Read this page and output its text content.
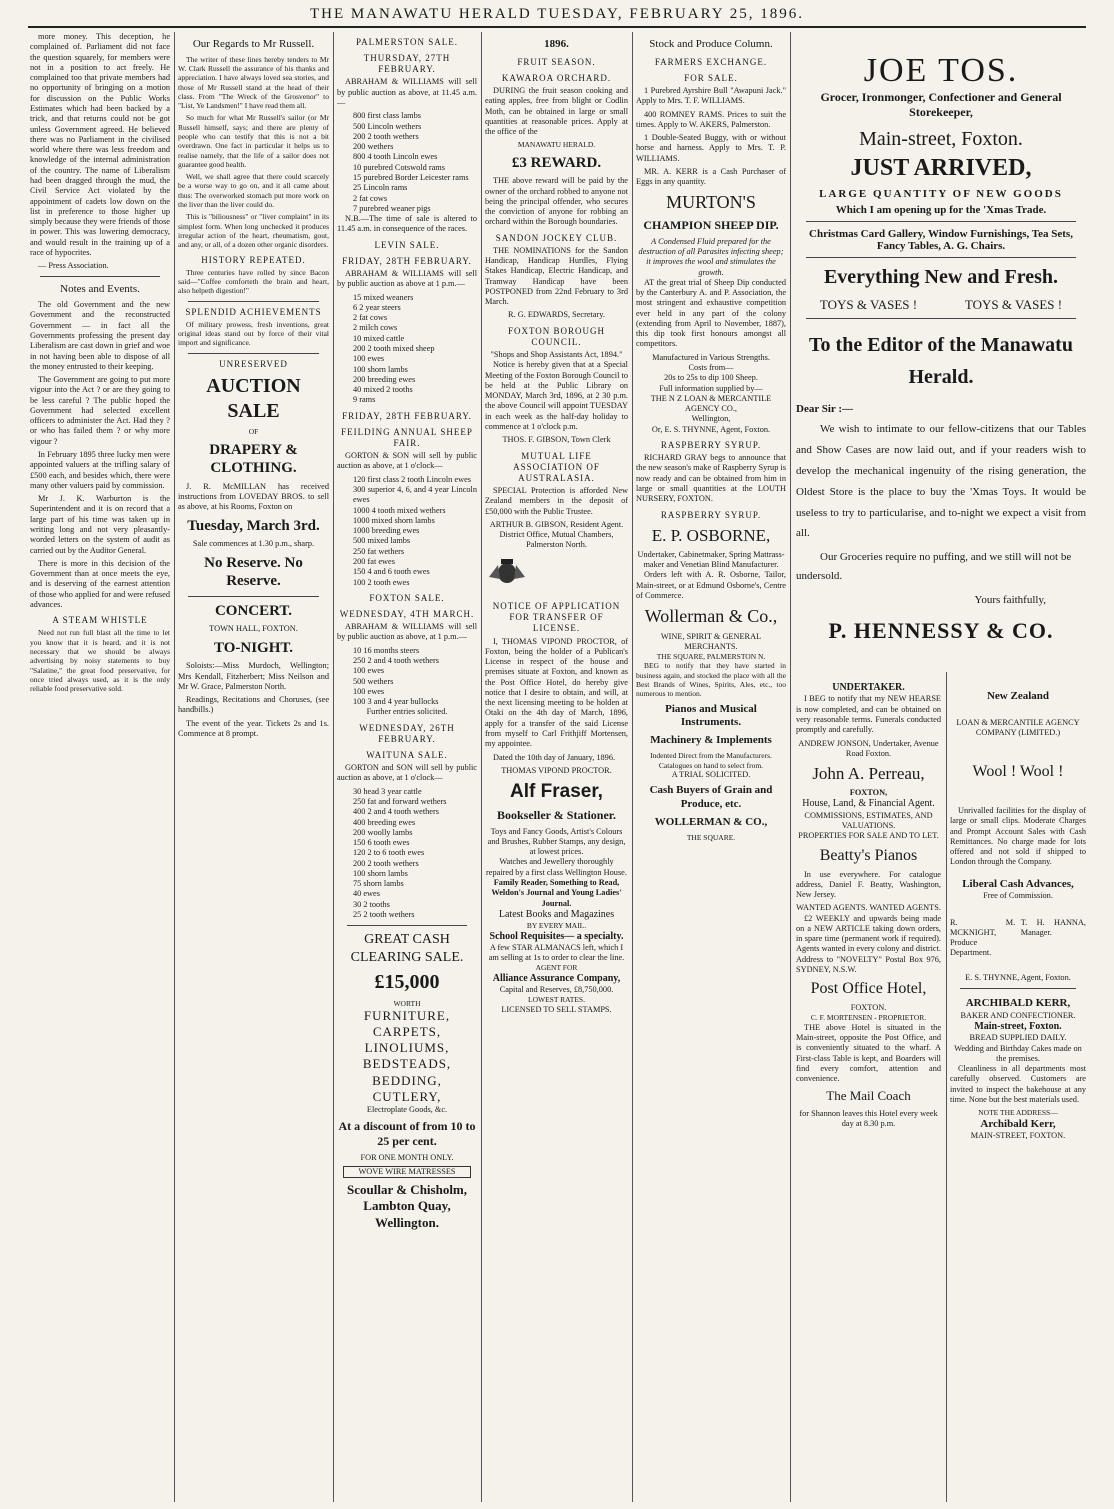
THE MANAWATU HERALD TUESDAY, FEBRUARY 25, 1896.

more money. This deception, he complained of. Parliament did not face the question squarely, for members were not in a position to act freely. He complained too that private members had no opportunity of bringing on a motion for discussion on the Public Works Estimates which had been backed by a trick, and that returns could not be got unless Government agreed. He believed there was no Parliament in the civilised world where there was less freedom and knowledge of the internal administration of the country. The name of Liberalism had been dragged through the mud, the Civil Service Act violated by the appointment of cadets low down on the list in preference to those higher up simply because they were friends of those in power. This was lowering democracy, and would result in the training up of a race of hypocrites.

— Press Association.

Notes and Events.

The old Government and the new Government and the reconstructed Government — in fact all the Governments professing the present day Liberalism are cast down in grief and woe in not having been able to dispose of all the money entrusted to their keeping.

The Government are going to put more vigour into the Act ? or are they going to be less careful ? The public hoped the Government had selected excellent officers to administer the Act. Had they ? or who has failed them ? or why more vigour ?

In February 1895 three lucky men were appointed valuers at the trifling salary of £500 each, and besides which, there were many other valuers paid by commission.

Mr J. K. Warburton is the Superintendent and it is on record that a large part of his time was taken up in writing long and not very pleasantly-worded letters on the system of audit as carried out by the Auditor General.

There is more in this decision of the Government than at once meets the eye, and is deserving of the earnest attention of those who applied for and were refused advances.

A STEAM WHISTLE

Need not run full blast all the time to let you know that it is heard, and it is not necessary that we should be always advertising by noisy statements to buy "Salatine," the great food preservative, for once tried always used, as it is the only reliable food preservative sold.

Our Regards to Mr Russell.

The writer of these lines hereby tenders to Mr W. Clark Russell the assurance of his thanks and appreciation. I have always loved sea stories, and those of Mr Russell stand at the head of their class. From "The Wreck of the Grosvenor" to "List, Ye Landsmen!" I have read them all.

So much for what Mr Russell's sailor (or Mr Russell himself, says; and there are plenty of people who can testify that this is not a bit overdrawn. One fact in particular it helps us to realise namely, that the life of a sailor does not guarantee good health.

Well, we shall agree that there could scarcely be a worse way to go on, and it all came about thus: The overworked stomach put more work on the liver than the liver could do.

This is "biliousness" or "liver complaint" in its simplest form. When long unchecked it produces irregular action of the heart, rheumatism, gout, and any, or all, of a dozen other organic disorders.

HISTORY REPEATED.

Three centuries have rolled by since Bacon said—"Coffee comforteth the brain and heart, also helpeth digestion!"

SPLENDID ACHIEVEMENTS

Of military prowess, fresh inventions, great original ideas stand out by force of their vital import and significance.

UNRESERVED
AUCTION SALE
OF
DRAPERY & CLOTHING.

J. R. McMILLAN has received instructions from LOVEDAY BROS. to sell as above, at his Rooms, Foxton on

Tuesday, March 3rd.
Sale commences at 1.30 p.m., sharp.
No Reserve. No Reserve.
CONCERT.
TOWN HALL, FOXTON.
TO-NIGHT.

Soloists:—Miss Murdoch, Wellington; Mrs Kendall, Fitzherbert; Miss Neilson and Mr W. Grace, Palmerston North.

Readings, Recitations and Choruses, (see handbills.)

The event of the year. Tickets 2s and 1s. Commence at 8 prompt.

PALMERSTON SALE.
THURSDAY, 27TH FEBRUARY.

ABRAHAM & WILLIAMS will sell by public auction as above, at 11.45 a.m.—

800 first class lambs
500 Lincoln wethers
200 2 tooth wethers
200 wethers
800 4 tooth Lincoln ewes
10 purebred Cotswold rams
15 purebred Border Leicester rams
25 Lincoln rams
2 fat cows
7 purebred weaner pigs

N.B.—The time of sale is altered to 11.45 a.m. in consequence of the races.

LEVIN SALE.
FRIDAY, 28TH FEBRUARY.

ABRAHAM & WILLIAMS will sell by public auction as above at 1 p.m.—

15 mixed weaners
6 2 year steers
2 fat cows
2 milch cows
10 mixed cattle
200 2 tooth mixed sheep
100 ewes
100 shorn lambs
200 breeding ewes
40 mixed 2 tooths
9 rams
FRIDAY, 28TH FEBRUARY.
FEILDING ANNUAL SHEEP FAIR.

GORTON & SON will sell by public auction as above, at 1 o'clock—

120 first class 2 tooth Lincoln ewes
300 superior 4, 6, and 4 year Lincoln ewes
1000 4 tooth mixed wethers
1000 mixed shorn lambs
1000 breeding ewes
500 mixed lambs
250 fat wethers
200 fat ewes
150 4 and 6 tooth ewes
100 2 tooth ewes
FOXTON SALE.
WEDNESDAY, 4TH MARCH.

ABRAHAM & WILLIAMS will sell by public auction as above, at 1 p.m.—

10 16 months steers
250 2 and 4 tooth wethers
100 ewes
500 wethers
100 ewes
100 3 and 4 year bullocks
Further entries solicited.
WEDNESDAY, 26TH FEBRUARY.
WAITUNA SALE.

GORTON and SON will sell by public auction as above, at 1 o'clock—

30 head 3 year cattle
250 fat and forward wethers
400 2 and 4 tooth wethers
400 breeding ewes
200 woolly lambs
150 6 tooth ewes
120 2 to 6 tooth ewes
200 2 tooth wethers
100 shorn lambs
75 shorn lambs
40 ewes
30 2 tooths
25 2 tooth wethers
GREAT CASH CLEARING SALE.
£15,000
WORTH
FURNITURE, CARPETS, LINOLIUMS, BEDSTEADS, BEDDING, CUTLERY,
Electroplate Goods, &c.
At a discount of from 10 to 25 per cent.
FOR ONE MONTH ONLY.
WOVE WIRE MATRESSES
Scoullar & Chisholm, Lambton Quay, Wellington.
1896.
FRUIT SEASON.
KAWAROA ORCHARD.

DURING the fruit season cooking and eating apples, free from blight or Codlin Moth, can be obtained in large or small quantities at reasonable prices. Apply at the office of the

MANAWATU HERALD.
£3 REWARD.

THE above reward will be paid by the owner of the orchard robbed to anyone not being the principal offender, who secures the conviction of anyone for robbing an orchard within the Borough boundaries.

SANDON JOCKEY CLUB.

THE NOMINATIONS for the Sandon Handicap, Handicap Hurdles, Flying Stakes Handicap, Electric Handicap, and Tramway Handicap have been POSTPONED from 22nd February to 3rd March.

R. G. EDWARDS, Secretary.
FOXTON BOROUGH COUNCIL.
"Shops and Shop Assistants Act, 1894."

Notice is hereby given that at a Special Meeting of the Foxton Borough Council to be held at the Public Library on MONDAY, March 3rd, 1896, at 2 30 p.m. the above Council will appoint TUESDAY in each week as the half-day holiday to commence at 1 o'clock p.m.

THOS. F. GIBSON, Town Clerk
MUTUAL LIFE ASSOCIATION OF AUSTRALASIA.

SPECIAL Protection is afforded New Zealand members in the deposit of £50,000 with the Public Trustee.

ARTHUR B. GIBSON, Resident Agent.
District Office, Mutual Chambers, Palmerston North.
NOTICE OF APPLICATION FOR TRANSFER OF LICENSE.

I, THOMAS VIPOND PROCTOR, of Foxton, being the holder of a Publican's License in respect of the house and premises situate at Foxton, and known as the Post Office Hotel, do hereby give notice that I desire to obtain, and will, at the next licensing meeting to be holden at Otaki on the 4th day of March, 1896, apply for a transfer of the said License from myself to Carl Frithjiff Mortensen, my appointee.

Dated the 10th day of January, 1896.

THOMAS VIPOND PROCTOR.
Alf Fraser,
Bookseller & Stationer.
Toys and Fancy Goods, Artist's Colours and Brushes, Rubber Stamps, any design, at lowest prices.
Watches and Jewellery thoroughly repaired by a first class Wellington House.
Family Reader, Something to Read, Weldon's Journal and Young Ladies' Journal.
Latest Books and Magazines
BY EVERY MAIL.
School Requisites— a specialty.
A few STAR ALMANACS left, which I am selling at 1s to order to clear the line.
AGENT FOR
Alliance Assurance Company,
Capital and Reserves, £8,750,000.
LOWEST RATES.
LICENSED TO SELL STAMPS.
Stock and Produce Column.
FARMERS EXCHANGE.
FOR SALE.

1 Purebred Ayrshire Bull "Awapuni Jack." Apply to Mrs. T. F. WILLIAMS.

400 ROMNEY RAMS. Prices to suit the times. Apply to W. AKERS, Palmerston.

1 Double-Seated Buggy, with or without horse and harness. Apply to Mrs. T. P. WILLIAMS.

MR. A. KERR is a Cash Purchaser of Eggs in any quantity.

MURTON'S
CHAMPION SHEEP DIP.
A Condensed Fluid prepared for the destruction of all Parasites infecting sheep; it improves the wool and stimulates the growth.

AT the great trial of Sheep Dip conducted by the Canterbury A. and P. Association, the most stringent and exhaustive competition ever held in any part of the colony (extending from April to November, 1887), this dip took first honours amongst all competitors.

Manufactured in Various Strengths.
Costs from—
20s to 25s to dip 100 Sheep.
Full information supplied by—
THE N Z LOAN & MERCANTILE AGENCY CO.,
Wellington,
Or, E. S. THYNNE, Agent, Foxton.
RASPBERRY SYRUP.

RICHARD GRAY begs to announce that the new season's make of Raspberry Syrup is now ready and can be obtained from him in large or small quantities at the LOUTH NURSERY, FOXTON.

RASPBERRY SYRUP.
E. P. OSBORNE,
Undertaker, Cabinetmaker, Spring Mattrass-maker and Venetian Blind Manufacturer.

Orders left with A. R. Osborne, Tailor, Main-street, or at Edmund Osborne's, Centre of Commerce.

Wollerman & Co.,
WINE, SPIRIT & GENERAL MERCHANTS.
THE SQUARE, PALMERSTON N.

BEG to notify that they have started in business again, and stocked the place with all the Best Brands of Wines, Spirits, Ales, etc., too numerous to mention.

Pianos and Musical Instruments.
Machinery & Implements
Indented Direct from the Manufacturers. Catalogues on hand to select from.
A TRIAL SOLICITED.
Cash Buyers of Grain and Produce, etc.
WOLLERMAN & CO.,
THE SQUARE.
UNDERTAKER.

I BEG to notify that my NEW HEARSE is now completed, and can be obtained on very reasonable terms. Funerals conducted promptly and carefully.

ANDREW JONSON, Undertaker, Avenue Road Foxton.
John A. Perreau,
FOXTON,
House, Land, & Financial Agent.
COMMISSIONS, ESTIMATES, AND VALUATIONS.
PROPERTIES FOR SALE AND TO LET.
Beatty's Pianos

In use everywhere. For catalogue address, Daniel F. Beatty, Washington, New Jersey.

WANTED AGENTS. WANTED AGENTS.

£2 WEEKLY and upwards being made on a NEW ARTICLE taking down orders, in spare time (permanent work if required). Agents wanted in every colony and district. Address to "NOVELTY" Postal Box 976, SYDNEY, N.S.W.

Post Office Hotel,
FOXTON.
C. F. MORTENSEN - PROPRIETOR.

THE above Hotel is situated in the Main-street, opposite the Post Office, and is conveniently situated to the wharf. A First-class Table is kept, and Boarders will find every comfort, attention and convenience.

The Mail Coach
for Shannon leaves this Hotel every week day at 8.30 p.m.
JOE TOS.
Grocer, Ironmonger, Confectioner and General Storekeeper,
Main-street, Foxton.
JUST ARRIVED,
LARGE QUANTITY OF NEW GOODS
Which I am opening up for the 'Xmas Trade.
Christmas Card Gallery, Window Furnishings, Tea Sets, Fancy Tables, A. G. Chairs.
Everything New and Fresh.
TOYS & VASES !	TOYS & VASES !
To the Editor of the Manawatu Herald.
Dear Sir :—

We wish to intimate to our fellow-citizens that our Tables and Show Cases are now laid out, and if your readers wish to develop the mechanical ingenuity of the rising generation, the Oldest Store is the place to buy the 'Xmas Toys. It would be useless to try to particularise, and to-night we expect a visit from all.

Our Groceries require no puffing, and we still will not be undersold.

Yours faithfully,
P. HENNESSY & CO.
New Zealand
LOAN & MERCANTILE AGENCY COMPANY (LIMITED.)
Wool ! Wool !

Unrivalled facilities for the display of large or small clips. Moderate Charges and Prompt Account Sales with Cash Remittances. No charge made for lots offered and not sold if shipped to London through the Company.

Liberal Cash Advances,
Free of Commission.
R. M. MCKNIGHT, Produce Department.
T. H. HANNA, Manager.
E. S. THYNNE, Agent, Foxton.
ARCHIBALD KERR,
BAKER AND CONFECTIONER.
Main-street, Foxton.
BREAD SUPPLIED DAILY.
Wedding and Birthday Cakes made on the premises.

Cleanliness in all departments most carefully observed. Customers are invited to inspect the bakehouse at any time. None but the best materials used.

NOTE THE ADDRESS—
Archibald Kerr,
MAIN-STREET, FOXTON.
